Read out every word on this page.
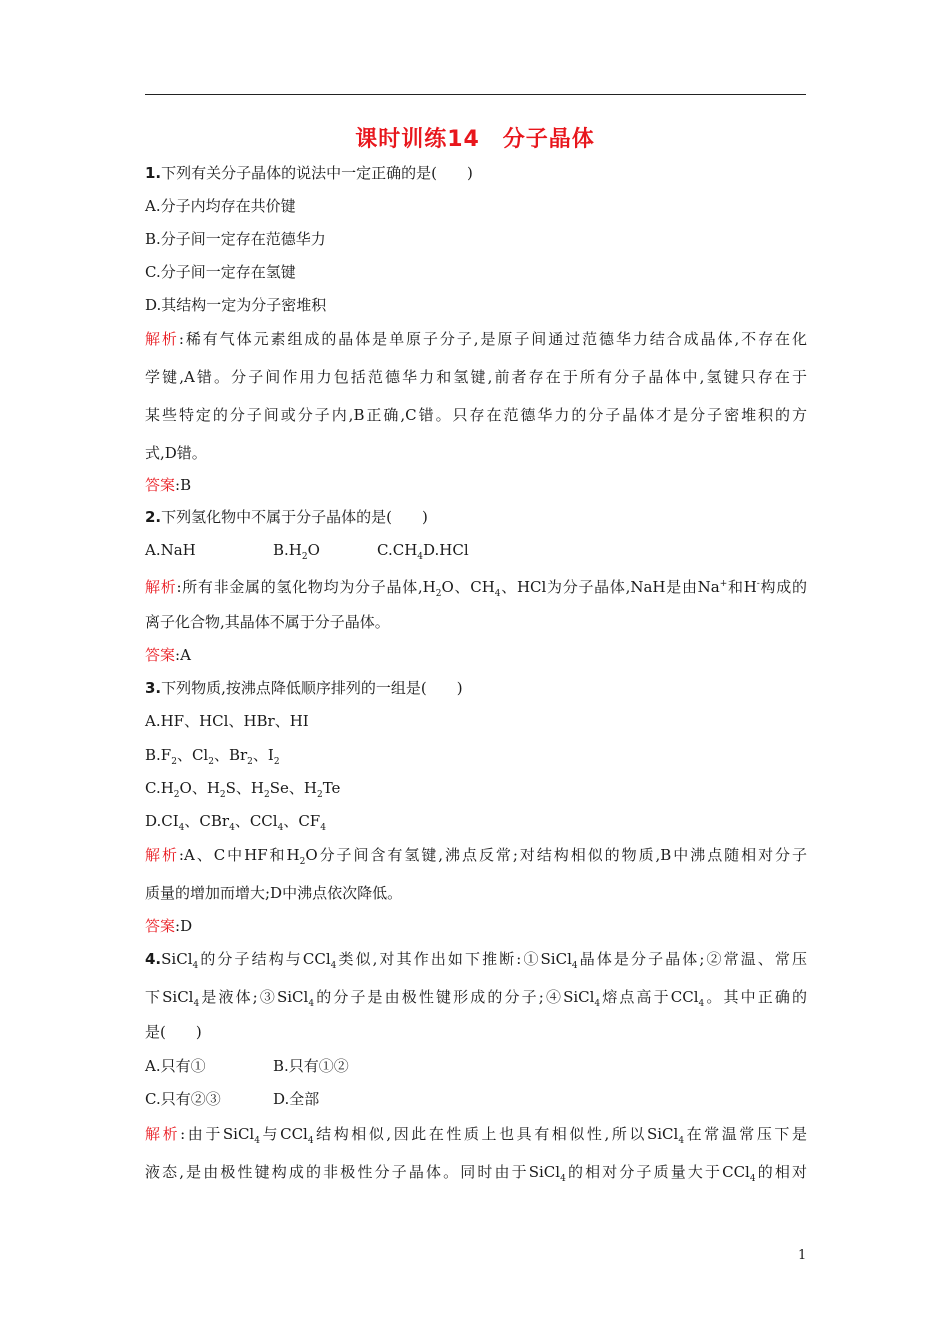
课时训练14　分子晶体
1.下列有关分子晶体的说法中一定正确的是(　　)
A.分子内均存在共价键
B.分子间一定存在范德华力
C.分子间一定存在氢键
D.其结构一定为分子密堆积
解析:稀有气体元素组成的晶体是单原子分子,是原子间通过范德华力结合成晶体,不存在化
学键,A错。分子间作用力包括范德华力和氢键,前者存在于所有分子晶体中,氢键只存在于
某些特定的分子间或分子内,B正确,C错。只存在范德华力的分子晶体才是分子密堆积的方
式,D错。
答案:B
2.下列氢化物中不属于分子晶体的是(　　)
A.NaH	$B.H_2O$	$C.CH_4D.HCl$
解析:所有非金属的氢化物均为分子晶体$,H_2O$、$CH_4$、HCl为分子晶体,NaH是由Na+和H-构成的
离子化合物,其晶体不属于分子晶体。
答案:A
3.下列物质,按沸点降低顺序排列的一组是(　　)
A.HF、HCl、HBr、HI
$B.F_2$、$Cl_2$、$Br_2$、$I_2$
$C.H_2O$、$H_2S$、$H_2Se$、$H_2Te$
$D.CI_4$、CBr$_4$、CCl$_4$、$CF_4$
解析:A、C中HF和$H_2O$分子间含有氢键,沸点反常;对结构相似的物质,B中沸点随相对分子
质量的增加而增大;D中沸点依次降低。
答案:D
4.SiCl$_4$的分子结构与CCl$_4$类似,对其作出如下推断:①SiCl$_4$晶体是分子晶体;②常温、常压
下SiCl$_4$是液体;③SiCl$_4$的分子是由极性键形成的分子;④SiCl$_4$熔点高于CCl$_4$。其中正确的
是(　　)
A.只有①	B.只有①②
C.只有②③	D.全部
解析:由于SiCl$_4$与CCl$_4$结构相似,因此在性质上也具有相似性,所以SiCl$_4$在常温常压下是
液态,是由极性键构成的非极性分子晶体。同时由于SiCl$_4$的相对分子质量大于CCl$_4$的相对
1
